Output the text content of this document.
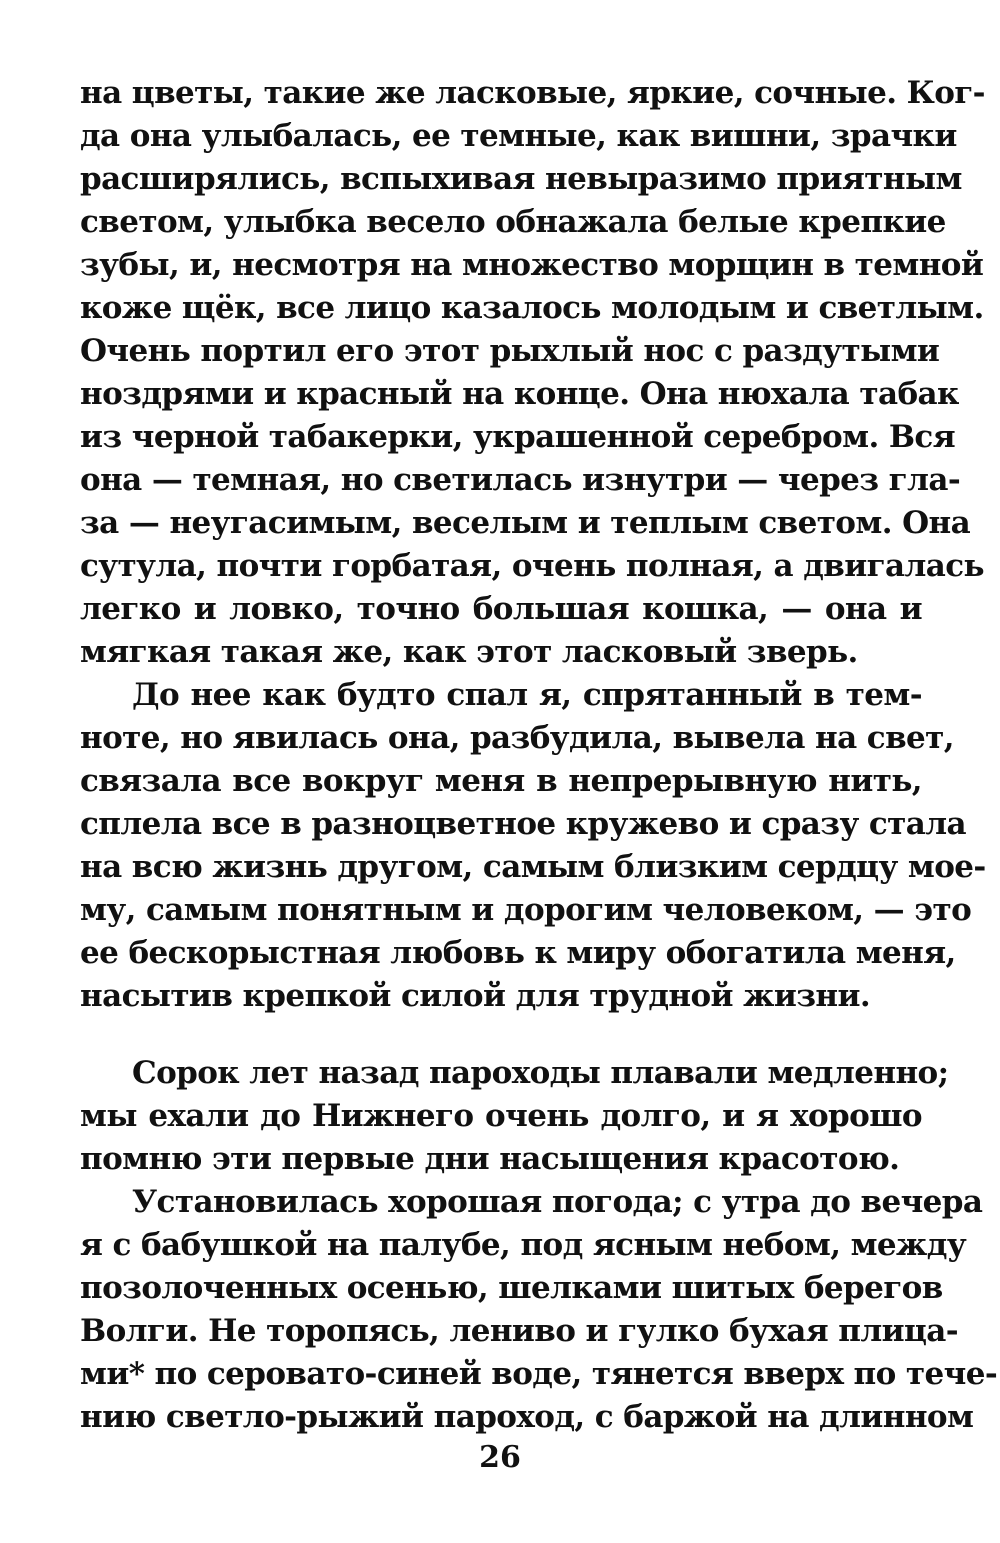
на цветы, такие же ласковые, яркие, сочные. Ког-
да она улыбалась, ее темные, как вишни, зрачки
расширялись, вспыхивая невыразимо приятным
светом, улыбка весело обнажала белые крепкие
зубы, и, несмотря на множество морщин в темной
коже щёк, все лицо казалось молодым и светлым.
Очень портил его этот рыхлый нос с раздутыми
ноздрями и красный на конце. Она нюхала табак
из черной табакерки, украшенной серебром. Вся
она — темная, но светилась изнутри — через гла-
за — неугасимым, веселым и теплым светом. Она
сутула, почти горбатая, очень полная, а двигалась
легко и ловко, точно большая кошка, — она и
мягкая такая же, как этот ласковый зверь.
До нее как будто спал я, спрятанный в тем-
ноте, но явилась она, разбудила, вывела на свет,
связала все вокруг меня в непрерывную нить,
сплела все в разноцветное кружево и сразу стала
на всю жизнь другом, самым близким сердцу мое-
му, самым понятным и дорогим человеком, — это
ее бескорыстная любовь к миру обогатила меня,
насытив крепкой силой для трудной жизни.
Сорок лет назад пароходы плавали медленно;
мы ехали до Нижнего очень долго, и я хорошо
помню эти первые дни насыщения красотою.
Установилась хорошая погода; с утра до вечера
я с бабушкой на палубе, под ясным небом, между
позолоченных осенью, шелками шитых берегов
Волги. Не торопясь, лениво и гулко бухая плица-
ми* по серовато-синей воде, тянется вверх по тече-
нию светло-рыжий пароход, с баржой на длинном
26
